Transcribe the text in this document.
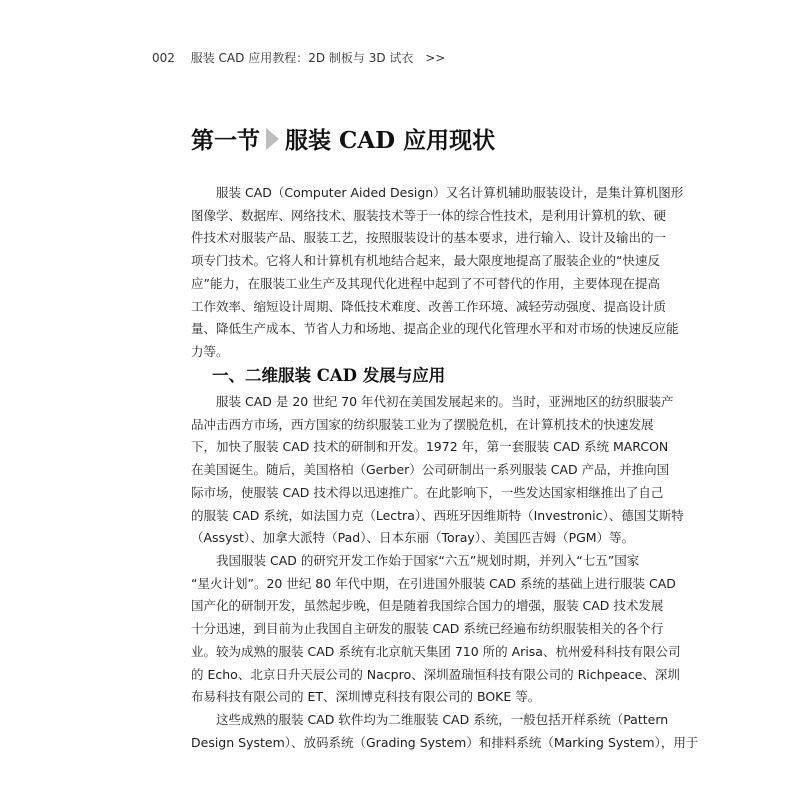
002 服装 CAD 应用教程：2D 制板与 3D 试衣 >>
第一节 服装 CAD 应用现状
服装 CAD（Computer Aided Design）又名计算机辅助服装设计，是集计算机图形
图像学、数据库、网络技术、服装技术等于一体的综合性技术，是利用计算机的软、硬
件技术对服装产品、服装工艺，按照服装设计的基本要求，进行输入、设计及输出的一
项专门技术。它将人和计算机有机地结合起来，最大限度地提高了服装企业的“快速反
应”能力，在服装工业生产及其现代化进程中起到了不可替代的作用，主要体现在提高
工作效率、缩短设计周期、降低技术难度、改善工作环境、减轻劳动强度、提高设计质
量、降低生产成本、节省人力和场地、提高企业的现代化管理水平和对市场的快速反应能
力等。
一、二维服装 CAD 发展与应用
服装 CAD 是 20 世纪 70 年代初在美国发展起来的。当时，亚洲地区的纺织服装产
品冲击西方市场，西方国家的纺织服装工业为了摆脱危机，在计算机技术的快速发展
下，加快了服装 CAD 技术的研制和开发。1972 年，第一套服装 CAD 系统 MARCON
在美国诞生。随后，美国格柏（Gerber）公司研制出一系列服装 CAD 产品，并推向国
际市场，使服装 CAD 技术得以迅速推广。在此影响下，一些发达国家相继推出了自己
的服装 CAD 系统，如法国力克（Lectra）、西班牙因维斯特（Investronic）、德国艾斯特
（Assyst）、加拿大派特（Pad）、日本东丽（Toray）、美国匹吉姆（PGM）等。
我国服装 CAD 的研究开发工作始于国家“六五”规划时期，并列入“七五”国家
“星火计划”。20 世纪 80 年代中期，在引进国外服装 CAD 系统的基础上进行服装 CAD
国产化的研制开发，虽然起步晚，但是随着我国综合国力的增强，服装 CAD 技术发展
十分迅速，到目前为止我国自主研发的服装 CAD 系统已经遍布纺织服装相关的各个行
业。较为成熟的服装 CAD 系统有北京航天集团 710 所的 Arisa、杭州爱科科技有限公司
的 Echo、北京日升天辰公司的 Nacpro、深圳盈瑞恒科技有限公司的 Richpeace、深圳
布易科技有限公司的 ET、深圳博克科技有限公司的 BOKE 等。
这些成熟的服装 CAD 软件均为二维服装 CAD 系统，一般包括开样系统（Pattern
Design System）、放码系统（Grading System）和排料系统（Marking System），用于
